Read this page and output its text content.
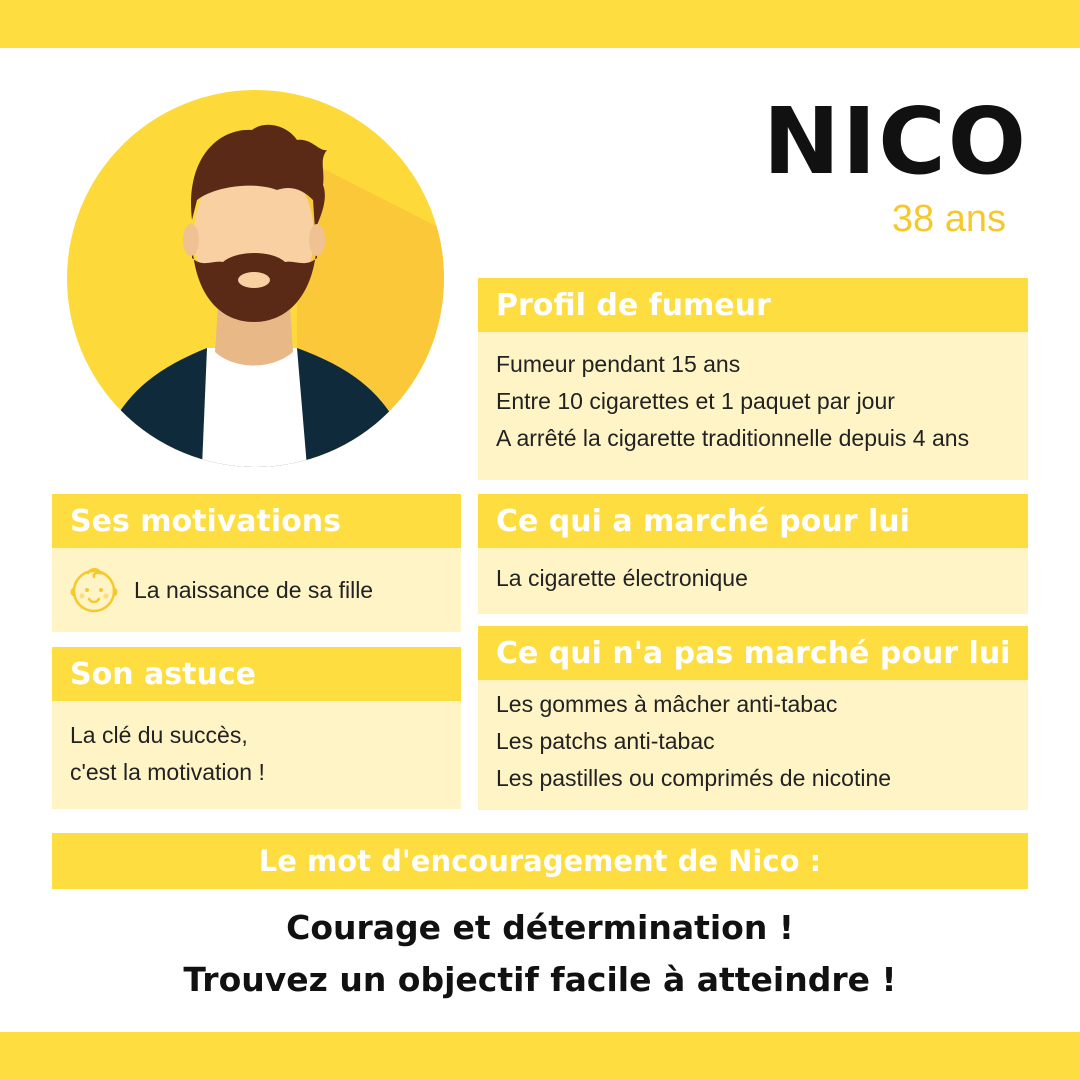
NICO
38 ans
Profil de fumeur
Fumeur pendant 15 ans
Entre 10 cigarettes et 1 paquet par jour
A arrêté la cigarette traditionnelle depuis 4 ans
Ses motivations
La naissance de sa fille
Son astuce
La clé du succès,
c'est la motivation !
Ce qui a marché pour lui
La cigarette électronique
Ce qui n'a pas marché pour lui
Les gommes à mâcher anti-tabac
Les patchs anti-tabac
Les pastilles ou comprimés de nicotine
Le mot d'encouragement de Nico :
Courage et détermination !
Trouvez un objectif facile à atteindre !
